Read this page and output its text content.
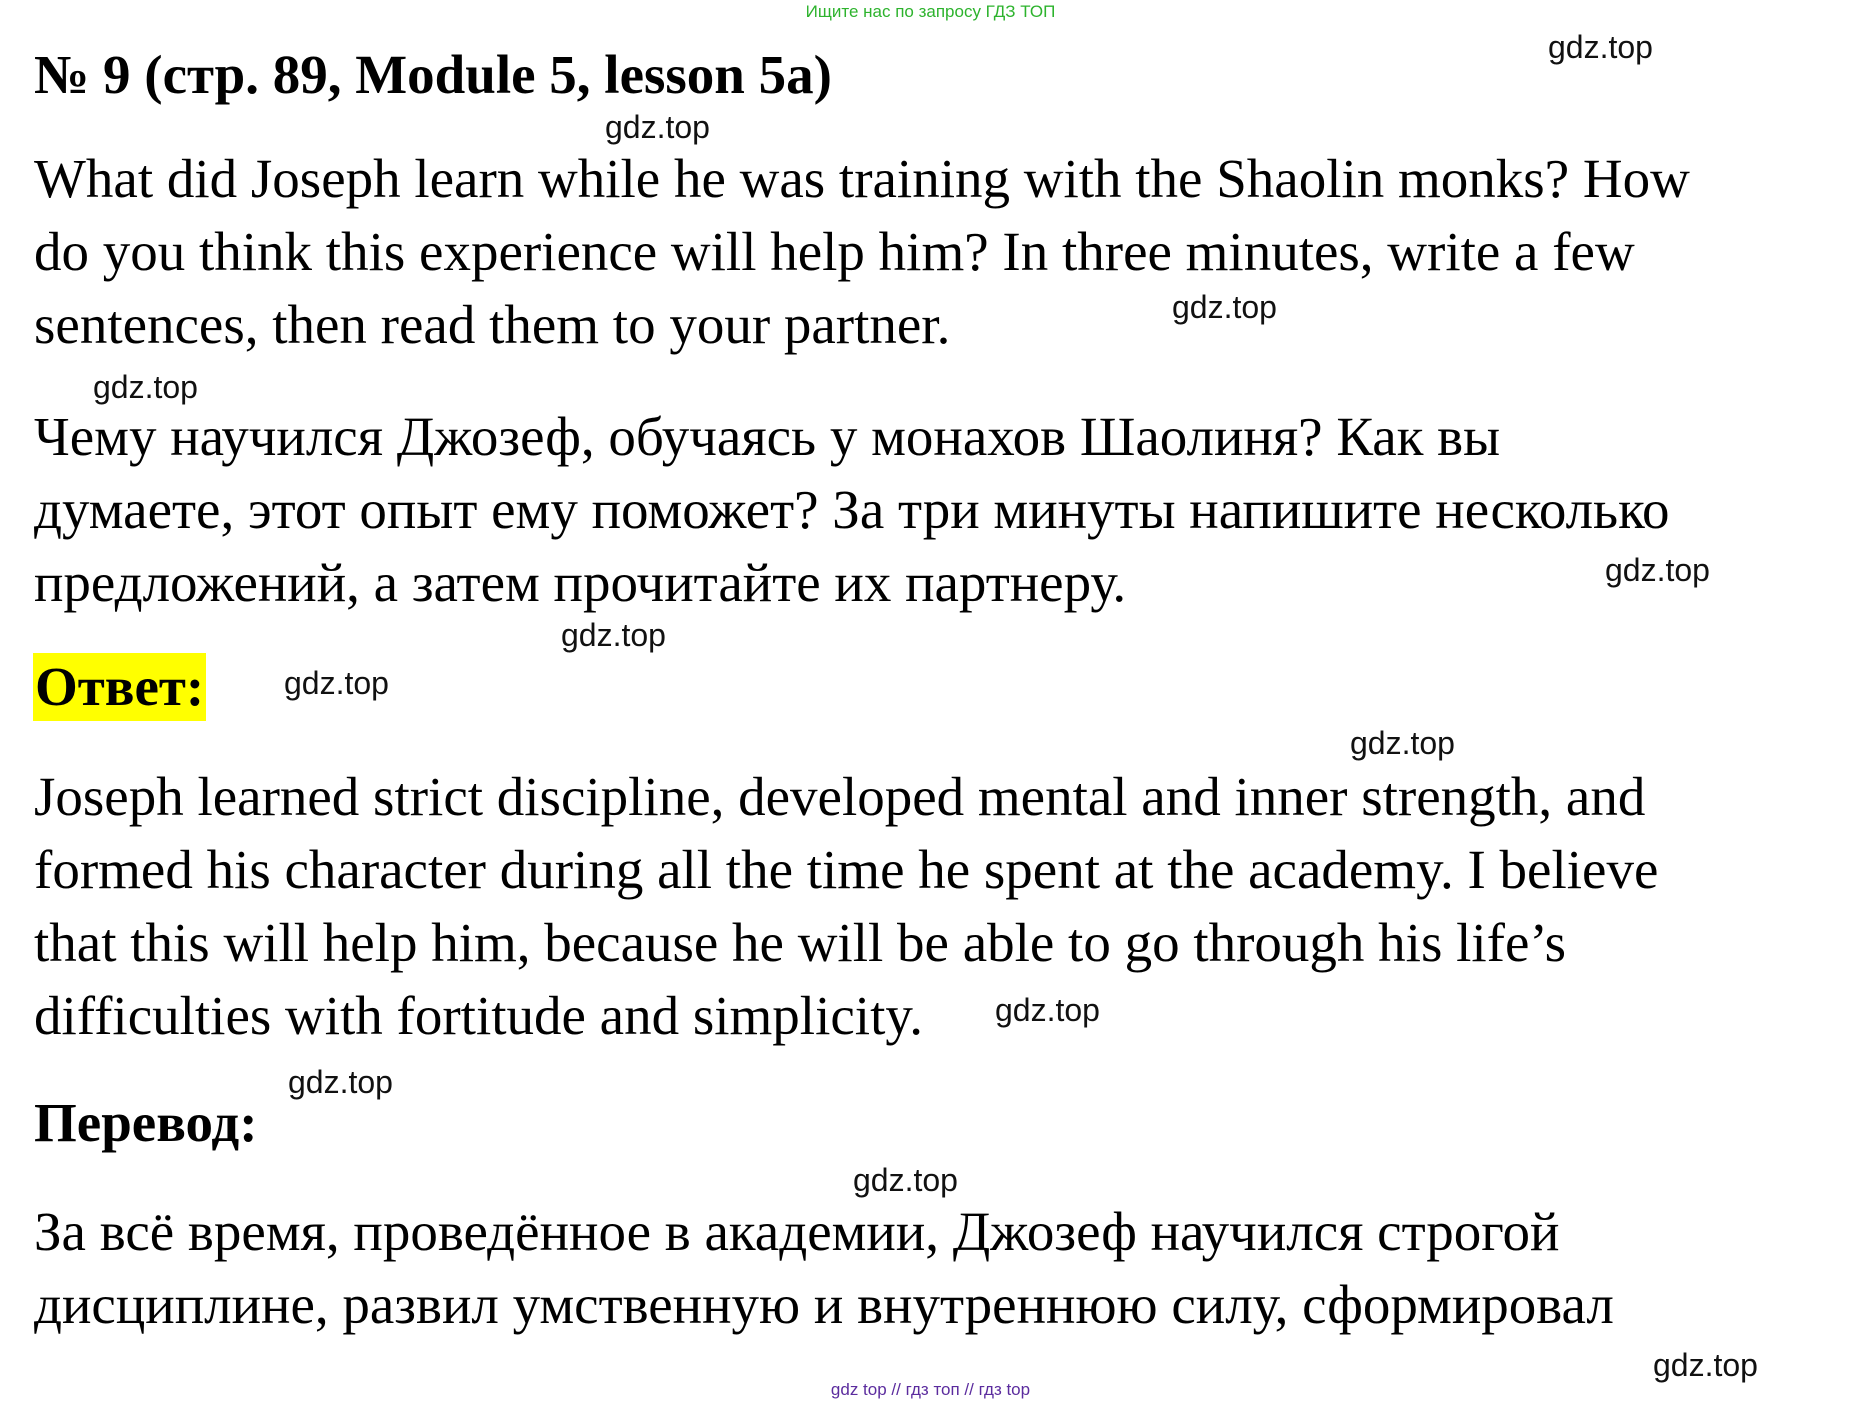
Ищите нас по запросу ГДЗ ТОП
№ 9 (стр. 89, Module 5, lesson 5a)
What did Joseph learn while he was training with the Shaolin monks? How
do you think this experience will help him? In three minutes, write a few
sentences, then read them to your partner.
Чему научился Джозеф, обучаясь у монахов Шаолиня? Как вы
думаете, этот опыт ему поможет? За три минуты напишите несколько
предложений, а затем прочитайте их партнеру.
Ответ:
Joseph learned strict discipline, developed mental and inner strength, and
formed his character during all the time he spent at the academy. I believe
that this will help him, because he will be able to go through his life’s
difficulties with fortitude and simplicity.
Перевод:
За всё время, проведённое в академии, Джозеф научился строгой
дисциплине, развил умственную и внутреннюю силу, сформировал
gdz.top
gdz.top
gdz.top
gdz.top
gdz.top
gdz.top
gdz.top
gdz.top
gdz.top
gdz.top
gdz.top
gdz.top
gdz top // гдз топ // гдз top
